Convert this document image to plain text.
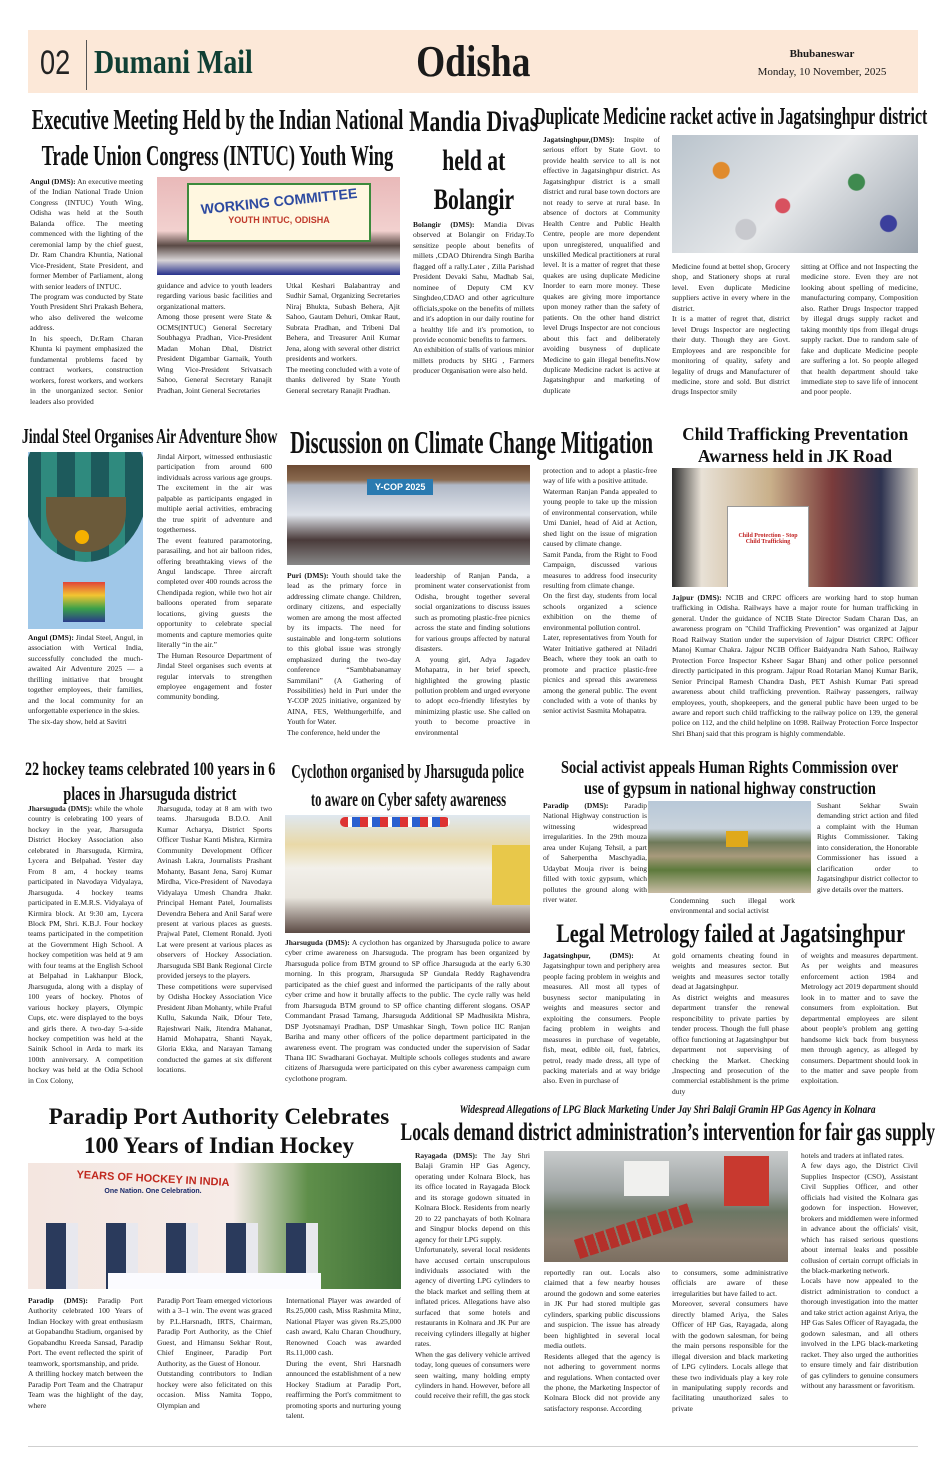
02 Dumani Mail	Odisha	Bhubaneswar
Monday, 10 November, 2025
Executive Meeting Held by the Indian National
Trade Union Congress (INTUC) Youth Wing

Angul (DMS): An executive meeting of the Indian National Trade Union Congress (INTUC) Youth Wing, Odisha was held at the South Balanda office. The meeting commenced with the lighting of the ceremonial lamp by the chief guest, Dr. Ram Chandra Khuntia, National Vice-President, State President, and former Member of Parliament, along with senior leaders of INTUC.

The program was conducted by State Youth President Shri Prakash Behera, who also delivered the welcome address.

In his speech, Dr.Ram Charan Khunta ki payment emphasized the fundamental problems faced by contract workers, construction workers, forest workers, and workers in the unorganized sector. Senior leaders also provided

WORKING COMMITTEE
YOUTH INTUC, ODISHA

guidance and advice to youth leaders regarding various basic facilities and organizational matters.

Among those present were State & OCMS(INTUC) General Secretary Soubhagya Pradhan, Vice-President Madan Mohan Dhal, District President Digambar Garnaik, Youth Wing Vice-President Srivatsach Sahoo, General Secretary Ranajit Pradhan, Joint General Secretaries

Utkal Keshari Balabantray and Sudhir Samal, Organizing Secretaries Niraj Bhukta, Subash Behera, Ajit Sahoo, Gautam Dehuri, Omkar Raut, Subrata Pradhan, and Tribeni Dal Behera, and Treasurer Anil Kumar Jena, along with several other district presidents and workers.

The meeting concluded with a vote of thanks delivered by State Youth General secretary Ranajit Pradhan.

Mandia Divas
held at
Bolangir

Bolangir (DMS): Mandia Divas observed at Bolangir on Friday.To sensitize people about benefits of millets ,CDAO Dhirendra Singh Bariha flagged off a rally.Later , Zilla Parishad President Devaki Sahu, Madhab Sai, nominee of Deputy CM KV Singhdeo,CDAO and other agriculture officials,spoke on the benefits of millets and it's adoption in our daily routine for a healthy life and it's promotion, to provide economic benefits to farmers.

An exhibition of stalls of various minior millets products by SHG , Farmers producer Organisation were also held.

Duplicate Medicine racket active in Jagatsinghpur district

Jagatsinghpur,(DMS): Inspite of serious effort by State Govt. to provide health service to all is not effective in Jagatsinghpur district. As Jagatsinghpur district is a small district and rural base town doctors are not ready to serve at rural base. In absence of doctors at Community Health Centre and Public Health Centre, people are more dependent upon unregistered, unqualified and unskilled Medical practitioners at rural level. It is a matter of regret that these quakes are using duplicate Medicine Inorder to earn more money. These quakes are giving more importance upon money rather than the safety of patients. On the other hand district level Drugs Inspector are not concious about this fact and deliberately avoiding busyness of duplicate Medicine to gain illegal benefits.Now duplicate Medicine racket is active at Jagatsinghpur and marketing of duplicate

Medicine found at bettel shop, Grocery shop, and Stationery shops at rural level. Even duplicate Medicine suppliers active in every where in the district.

It is a matter of regret that, district level Drugs Inspector are neglecting their duty. Though they are Govt. Employees and are responcible for monitoring of quality, safety and legality of drugs and Manufacturer of medicine, store and sold. But district drugs Inspector smily

sitting at Office and not Inspecting the medicine store. Even they are not looking about spelling of medicine, manufacturing company, Composition also. Rather Drugs Inspector trapped by illegal drugs supply racket and taking monthly tips from illegal drugs supply racket. Due to random sale of fake and duplicate Medicine people are suffering a lot. So people alleged that health department should take immediate step to save life of innocent and poor people.

Jindal Steel Organises Air Adventure Show

Angul (DMS): Jindal Steel, Angul, in association with Vertical India, successfully concluded the much-awaited Air Adventure 2025 — a thrilling initiative that brought together employees, their families, and the local community for an unforgettable experience in the skies.

The six-day show, held at Savitri

Jindal Airport, witnessed enthusiastic participation from around 600 individuals across various age groups. The excitement in the air was palpable as participants engaged in multiple aerial activities, embracing the true spirit of adventure and togetherness.

The event featured paramotoring, parasailing, and hot air balloon rides, offering breathtaking views of the Angul landscape. Three aircraft completed over 400 rounds across the Chendipada region, while two hot air balloons operated from separate locations, giving guests the opportunity to celebrate special moments and capture memories quite literally “in the air.”

The Human Resource Department of Jindal Steel organises such events at regular intervals to strengthen employee engagement and foster community bonding.

Discussion on Climate Change Mitigation
Y-COP 2025

Puri (DMS): Youth should take the lead as the primary force in addressing climate change. Children, ordinary citizens, and especially women are among the most affected by its impacts. The need for sustainable and long-term solutions to this global issue was strongly emphasized during the two-day conference “Sambhabanamay Sammilani” (A Gathering of Possibilities) held in Puri under the Y-COP 2025 initiative, organized by AINA, FES, Welthungerhilfe, and Youth for Water.

The conference, held under the

leadership of Ranjan Panda, a prominent water conservationist from Odisha, brought together several social organizations to discuss issues such as promoting plastic-free picnics across the state and finding solutions for various groups affected by natural disasters.

A young girl, Adya Jagadev Mohapatra, in her brief speech, highlighted the growing plastic pollution problem and urged everyone to adopt eco-friendly lifestyles by minimizing plastic use. She called on youth to become proactive in environmental

protection and to adopt a plastic-free way of life with a positive attitude.

Waterman Ranjan Panda appealed to young people to take up the mission of environmental conservation, while Umi Daniel, head of Aid at Action, shed light on the issue of migration caused by climate change.

Samit Panda, from the Right to Food Campaign, discussed various measures to address food insecurity resulting from climate change.

On the first day, students from local schools organized a science exhibition on the theme of environmental pollution control.

Later, representatives from Youth for Water Initiative gathered at Niladri Beach, where they took an oath to promote and practice plastic-free picnics and spread this awareness among the general public. The event concluded with a vote of thanks by senior activist Sasmita Mohapatra.

Child Trafficking Preventation
Awarness held in JK Road
Child Protection - Stop Child Trafficking

Jajpur (DMS): NCIB and CRPC officers are working hard to stop human trafficking in Odisha. Railways have a major route for human trafficking in general. Under the guidance of NCIB State Director Sudam Charan Das, an awareness program on "Child Trafficking Prevention" was organized at Jajpur Road Railway Station under the supervision of Jajpur District CRPC Officer Manoj Kumar Chakra. Jajpur NCIB Officer Baidyandra Nath Sahoo, Railway Protection Force Inspector Ksheer Sagar Bhanj and other police personnel directly participated in this program. Jajpur Road Rotarian Manoj Kumar Barik, Senior Principal Ramesh Chandra Dash, PET Ashish Kumar Pati spread awareness about child trafficking prevention. Railway passengers, railway employees, youth, shopkeepers, and the general public have been urged to be aware and report such child trafficking to the railway police on 139, the general police on 112, and the child helpline on 1098. Railway Protection Force Inspector Shri Bhanj said that this program is highly commendable.

22 hockey teams celebrated 100 years in 6
places in Jharsuguda district

Jharsuguda (DMS): while the whole country is celebrating 100 years of hockey in the year, Jharsuguda District Hockey Association also celebrated in Jharsuguda, Kirmira, Lycera and Belpahad. Yester day From 8 am, 4 hockey teams participated in Navodaya Vidyalaya, Jharsuguda. 4 hockey teams participated in E.M.R.S. Vidyalaya of Kirmira block. At 9:30 am, Lycera Block PM, Shri. K.B.J. Four hockey teams participated in the competition at the Government High School. A hockey competition was held at 9 am with four teams at the English School at Belpahad in Lakhanpur Block, Jharsuguda, along with a display of 100 years of hockey. Photos of various hockey players, Olympic Cups, etc. were displayed to the boys and girls there. A two-day 5-a-side hockey competition was held at the Sainik School in Arda to mark its 100th anniversary. A competition hockey was held at the Odia School in Cox Colony,

Jharsuguda, today at 8 am with two teams. Jharsuguda B.D.O. Anil Kumar Acharya, District Sports Officer Tushar Kanti Mishra, Kirmira Community Development Officer Avinash Lakra, Journalists Prashant Mohanty, Basant Jena, Saroj Kumar Mirdha, Vice-President of Navodaya Vidyalaya Umesh Chandra Jhakr. Principal Hemant Patel, Journalists Devendra Behera and Anil Saraf were present at various places as guests. Prajwal Patel, Clement Ronald. Jyoti Lat were present at various places as observers of Hockey Association. Jharsuguda SBI Bank Regional Circle provided jerseys to the players.

These competitions were supervised by Odisha Hockey Association Vice President Jiban Mohanty, while Praful Kullu, Sakunda Naik, Dfour Tete, Rajeshwari Naik, Jitendra Mahanat, Hamid Mohapatra, Shanti Nayak, Gloria Ekka, and Narayan Tamang conducted the games at six different locations.

Cyclothon organised by Jharsuguda police
to aware on Cyber safety awareness

Jharsuguda (DMS): A cyclothon has organized by Jharsuguda police to aware cyber crime awareness on Jharsuguda. The program has been organized by Jharsuguda police from BTM ground to SP office Jharsuguda at the early 6.30 morning. In this program, Jharsuguda SP Gundala Reddy Raghavendra participated as the chief guest and informed the participants of the rally about cyber crime and how it brutally affects to the public. The cycle rally was held from Jharsuguda BTM ground to SP office chanting different slogans. OSAP Commandant Prasad Tamang, Jharsuguda Additional SP Madhusikta Mishra, DSP Jyotsnamayi Pradhan, DSP Umashkar Singh, Town police IIC Ranjan Bariha and many other officers of the police department participated in the awareness event. The program was conducted under the supervision of Sadar Thana IIC Swadharani Gochayat. Multiple schools colleges students and aware citizens of Jharsuguda were participated on this cyber awareness campaign cum cyclothone program.

Social activist appeals Human Rights Commission over
use of gypsum in national highway construction

Paradip (DMS): Paradip National Highway construction is witnessing widespread irregularities. In the 29th mouza area under Kujang Tehsil, a part of Saherpentha Maschyadia, Udaybat Mouja river is being filled with toxic gypsum, which pollutes the ground along with river water.	Condemning such illegal work environmental and social activist

Sushant Sekhar Swain demanding strict action and filed a complaint with the Human Rights Commissioner. Taking into consideration, the Honorable Commissioner has issued a clarification order to Jagatsinghpur district collector to give details over the matters.

Legal Metrology failed at Jagatsinghpur

Jagatsinghpur, (DMS):	At Jagatsinghpur town and periphery area people facing problem in weights and measures. All most all types of busyness sector manipulating in weights and measures sector and exploiting the consumers. People facing problem in weights and measures in purchase of vegetable, fish, meat, edible oil, fuel, fabrics, petrol, ready made dress, all type of packing materials and at way bridge also. Even in purchase of

gold ornaments cheating found in weights and measures sector. But weights and measures sector totally dead at Jagatsinghpur.

As district weights and measures department transfer the renewal responcibility to private parties by tender process. Though the full phase office functioning at Jagatsinghpur but department not supervising of checking the Market. Checking ,Inspecting and prosecution of the commercial establishment is the prime duty

of weights and measures department. As per weights and measures enforcement action 1984 and Metrology act 2019 department should look in to matter and to save the consumers from exploitation. But departmental employees are silent about people's problem ang getting handsome kick back from busyness men through agency, as alleged by consumers. Department should look in to the matter and save people from exploitation.

Paradip Port Authority Celebrates
100 Years of Indian Hockey
YEARS OF HOCKEY IN INDIA
One Nation. One Celebration.

Paradip (DMS): Paradip Port Authority celebrated 100 Years of Indian Hockey with great enthusiasm at Gopabandhu Stadium, organised by Gopabandhu Kreeda Sansad, Paradip Port. The event reflected the spirit of teamwork, sportsmanship, and pride.

A thrilling hockey match between the Paradip Port Team and the Chatrapur Team was the highlight of the day, where

Paradip Port Team emerged victorious with a 3–1 win. The event was graced by P.L.Harsnadh, IRTS, Chairman, Paradip Port Authority, as the Chief Guest, and Himansu Sekhar Rout, Chief Engineer, Paradip Port Authority, as the Guest of Honour.

Outstanding contributors to Indian hockey were also felicitated on this occasion. Miss Namita Toppo, Olympian and

International Player was awarded of Rs.25,000 cash, Miss Rashmita Minz, National Player was given Rs.25,000 cash award, Kalu Charan Choudhury, Renowned Coach was awarded Rs.11,000 cash.

During the event, Shri Harsnadh announced the establishment of a new Hockey Stadium at Paradip Port, reaffirming the Port's commitment to promoting sports and nurturing young talent.

Widespread Allegations of LPG Black Marketing Under Jay Shri Balaji Gramin HP Gas Agency in Kolnara
Locals demand district administration’s intervention for fair gas supply

Rayagada (DMS): The Jay Shri Balaji Gramin HP Gas Agency, operating under Kolnara Block, has its office located in Rayagada Block and its storage godown situated in Kolnara Block. Residents from nearly 20 to 22 panchayats of both Kolnara and Singpur blocks depend on this agency for their LPG supply.

Unfortunately, several local residents have accused certain unscrupulous individuals associated with the agency of diverting LPG cylinders to the black market and selling them at inflated prices. Allegations have also surfaced that some hotels and restaurants in Kolnara and JK Pur are receiving cylinders illegally at higher rates.

When the gas delivery vehicle arrived today, long queues of consumers were seen waiting, many holding empty cylinders in hand. However, before all could receive their refill, the gas stock

reportedly ran out. Locals also claimed that a few nearby houses around the godown and some eateries in JK Pur had stored multiple gas cylinders, sparking public discussions and suspicion. The issue has already been highlighted in several local media outlets.

Residents alleged that the agency is not adhering to government norms and regulations. When contacted over the phone, the Marketing Inspector of Kolnara Block did not provide any satisfactory response. According

to consumers, some administrative officials are aware of these irregularities but have failed to act.

Moreover, several consumers have directly blamed Ariya, the Sales Officer of HP Gas, Rayagada, along with the godown salesman, for being the main persons responsible for the illegal diversion and black marketing of LPG cylinders. Locals allege that these two individuals play a key role in manipulating supply records and facilitating unauthorized sales to private

hotels and traders at inflated rates.

A few days ago, the District Civil Supplies Inspector (CSO), Assistant Civil Supplies Officer, and other officials had visited the Kolnara gas godown for inspection. However, brokers and middlemen were informed in advance about the officials' visit, which has raised serious questions about internal leaks and possible collusion of certain corrupt officials in the black-marketing network.

Locals have now appealed to the district administration to conduct a thorough investigation into the matter and take strict action against Ariya, the HP Gas Sales Officer of Rayagada, the godown salesman, and all others involved in the LPG black-marketing racket. They also urged the authorities to ensure timely and fair distribution of gas cylinders to genuine consumers without any harassment or favoritism.
